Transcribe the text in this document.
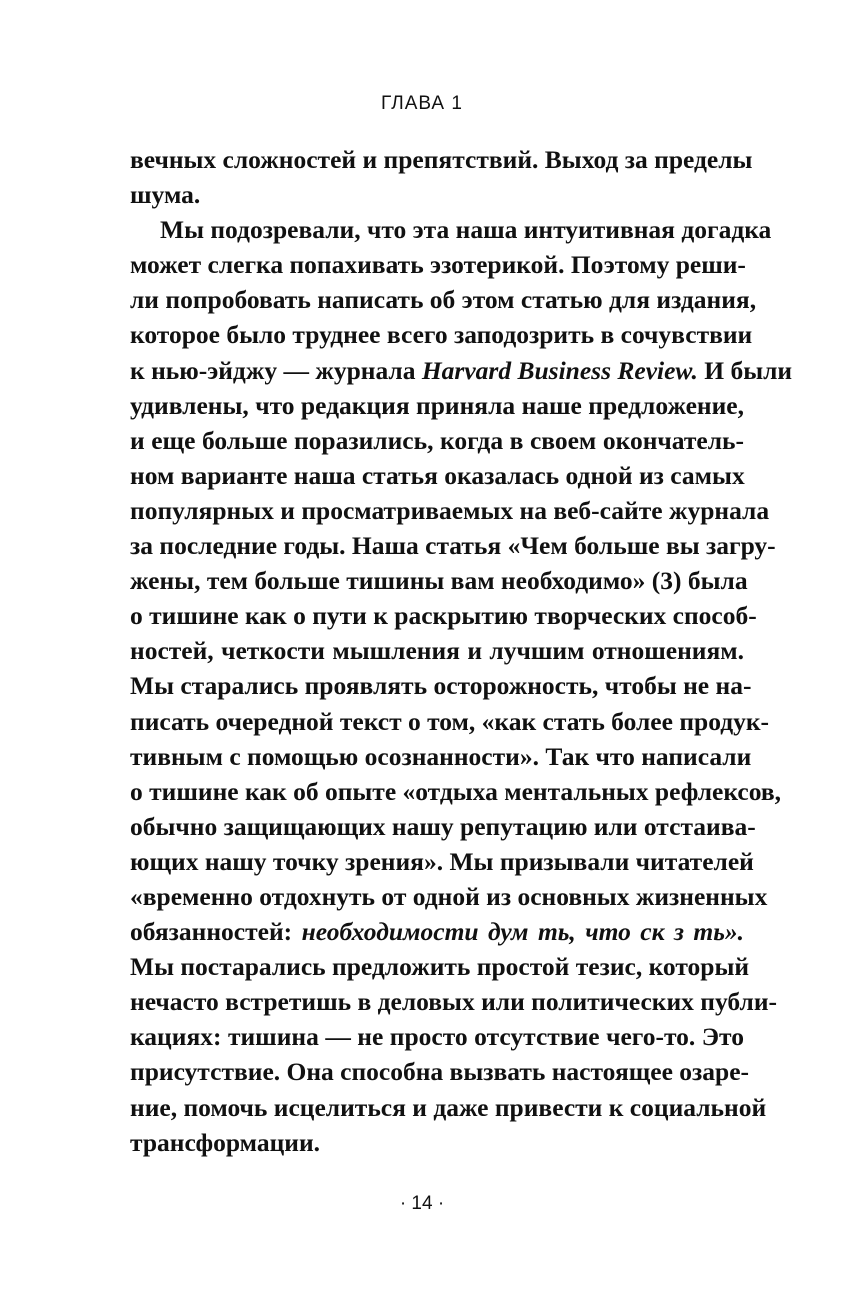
ГЛАВА 1
вечных сложностей и препятствий. Выход за пределы
шума.
Мы подозревали, что эта наша интуитивная догадка
может слегка попахивать эзотерикой. Поэтому реши-
ли попробовать написать об этом статью для издания,
которое было труднее всего заподозрить в сочувствии
к нью-эйджу — журнала Harvard Business Review. И были
удивлены, что редакция приняла наше предложение,
и еще больше поразились, когда в своем окончатель-
ном варианте наша статья оказалась одной из самых
популярных и просматриваемых на веб-сайте журнала
за последние годы. Наша статья «Чем больше вы загру-
жены, тем больше тишины вам необходимо» (3) была
о тишине как о пути к раскрытию творческих способ-
ностей, четкости мышления и лучшим отношениям.
Мы старались проявлять осторожность, чтобы не на-
писать очередной текст о том, «как стать более продук-
тивным с помощью осознанности». Так что написали
о тишине как об опыте «отдыха ментальных рефлексов,
обычно защищающих нашу репутацию или отстаива-
ющих нашу точку зрения». Мы призывали читателей
«временно отдохнуть от одной из основных жизненных
обязанностей: необходимости дум ть, что ск з ть».
Мы постарались предложить простой тезис, который
нечасто встретишь в деловых или политических публи-
кациях: тишина — не просто отсутствие чего-то. Это
присутствие. Она способна вызвать настоящее озаре-
ние, помочь исцелиться и даже привести к социальной
трансформации.
· 14 ·
